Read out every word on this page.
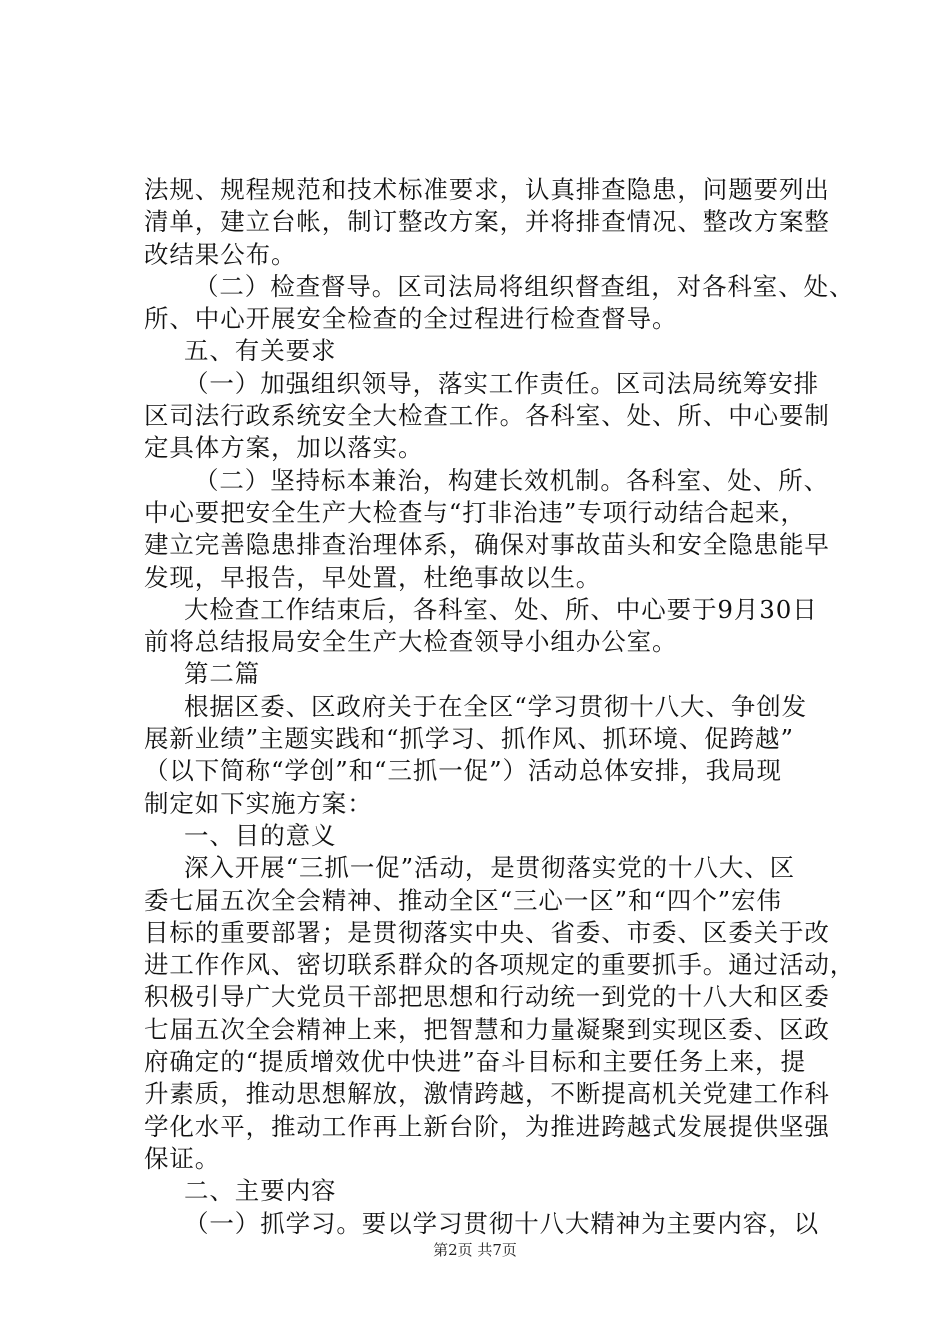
法规、规程规范和技术标准要求，认真排查隐患，问题要列出
清单，建立台帐，制订整改方案，并将排查情况、整改方案整
改结果公布。
（二）检查督导。区司法局将组织督查组，对各科室、处、
所、中心开展安全检查的全过程进行检查督导。
五、有关要求
（一）加强组织领导，落实工作责任。区司法局统筹安排
区司法行政系统安全大检查工作。各科室、处、所、中心要制
定具体方案，加以落实。
（二）坚持标本兼治，构建长效机制。各科室、处、所、
中心要把安全生产大检查与“打非治违”专项行动结合起来，
建立完善隐患排查治理体系，确保对事故苗头和安全隐患能早
发现，早报告，早处置，杜绝事故以生。
大检查工作结束后，各科室、处、所、中心要于9月30日
前将总结报局安全生产大检查领导小组办公室。
第二篇
根据区委、区政府关于在全区“学习贯彻十八大、争创发
展新业绩”主题实践和“抓学习、抓作风、抓环境、促跨越”
（以下简称“学创”和“三抓一促”）活动总体安排，我局现
制定如下实施方案：
一、目的意义
深入开展“三抓一促”活动，是贯彻落实党的十八大、区
委七届五次全会精神、推动全区“三心一区”和“四个”宏伟
目标的重要部署；是贯彻落实中央、省委、市委、区委关于改
进工作作风、密切联系群众的各项规定的重要抓手。通过活动，
积极引导广大党员干部把思想和行动统一到党的十八大和区委
七届五次全会精神上来，把智慧和力量凝聚到实现区委、区政
府确定的“提质增效优中快进”奋斗目标和主要任务上来，提
升素质，推动思想解放，激情跨越，不断提高机关党建工作科
学化水平，推动工作再上新台阶，为推进跨越式发展提供坚强
保证。
二、主要内容
（一）抓学习。要以学习贯彻十八大精神为主要内容，以
第2页 共7页
